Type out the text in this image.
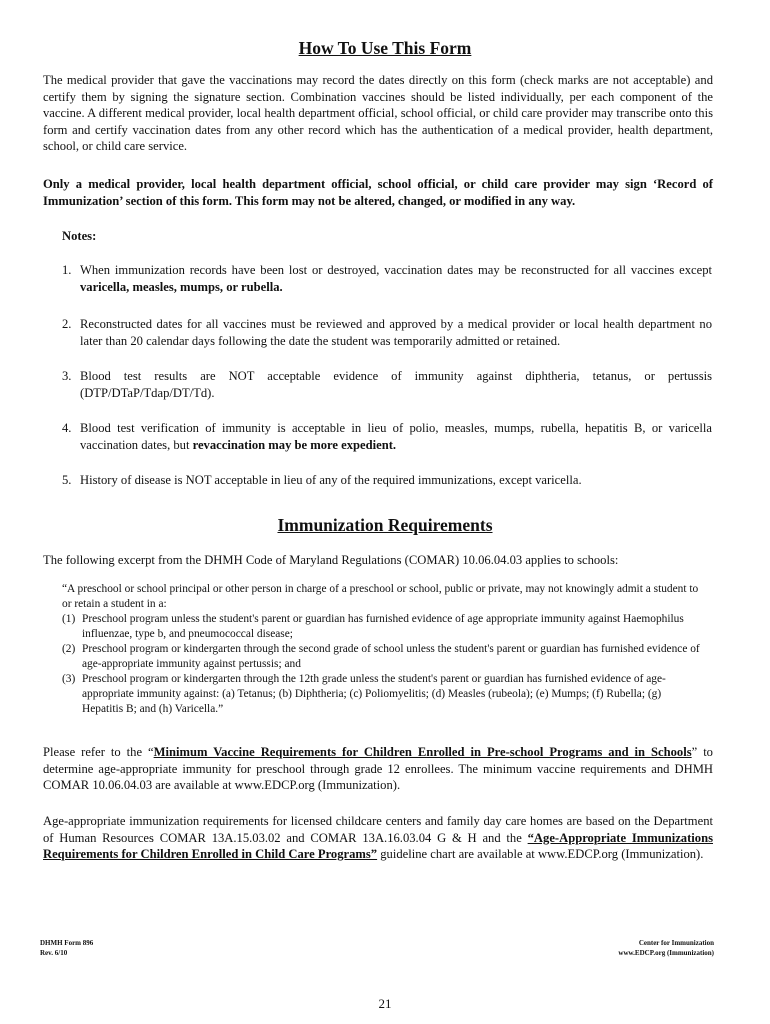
How To Use This Form

The medical provider that gave the vaccinations may record the dates directly on this form (check marks are not acceptable) and certify them by signing the signature section. Combination vaccines should be listed individually, per each component of the vaccine. A different medical provider, local health department official, school official, or child care provider may transcribe onto this form and certify vaccination dates from any other record which has the authentication of a medical provider, health department, school, or child care service.

Only a medical provider, local health department official, school official, or child care provider may sign ‘Record of Immunization’ section of this form. This form may not be altered, changed, or modified in any way.

Notes:
1. When immunization records have been lost or destroyed, vaccination dates may be reconstructed for all vaccines except varicella, measles, mumps, or rubella.
2. Reconstructed dates for all vaccines must be reviewed and approved by a medical provider or local health department no later than 20 calendar days following the date the student was temporarily admitted or retained.
3. Blood test results are NOT acceptable evidence of immunity against diphtheria, tetanus, or pertussis (DTP/DTaP/Tdap/DT/Td).
4. Blood test verification of immunity is acceptable in lieu of polio, measles, mumps, rubella, hepatitis B, or varicella vaccination dates, but revaccination may be more expedient.
5. History of disease is NOT acceptable in lieu of any of the required immunizations, except varicella.
Immunization Requirements

The following excerpt from the DHMH Code of Maryland Regulations (COMAR) 10.06.04.03 applies to schools:

“A preschool or school principal or other person in charge of a preschool or school, public or private, may not knowingly admit a student to or retain a student in a:
(1) Preschool program unless the student's parent or guardian has furnished evidence of age appropriate immunity against Haemophilus influenzae, type b, and pneumococcal disease;
(2) Preschool program or kindergarten through the second grade of school unless the student's parent or guardian has furnished evidence of age-appropriate immunity against pertussis; and
(3) Preschool program or kindergarten through the 12th grade unless the student's parent or guardian has furnished evidence of age-appropriate immunity against: (a) Tetanus; (b) Diphtheria; (c) Poliomyelitis; (d) Measles (rubeola); (e) Mumps; (f) Rubella; (g) Hepatitis B; and (h) Varicella.”

Please refer to the “Minimum Vaccine Requirements for Children Enrolled in Pre-school Programs and in Schools” to determine age-appropriate immunity for preschool through grade 12 enrollees. The minimum vaccine requirements and DHMH COMAR 10.06.04.03 are available at www.EDCP.org (Immunization).

Age-appropriate immunization requirements for licensed childcare centers and family day care homes are based on the Department of Human Resources COMAR 13A.15.03.02 and COMAR 13A.16.03.04 G & H and the “Age-Appropriate Immunizations Requirements for Children Enrolled in Child Care Programs” guideline chart are available at www.EDCP.org (Immunization).

DHMH Form 896
Rev. 6/10
Center for Immunization
www.EDCP.org (Immunization)
21
